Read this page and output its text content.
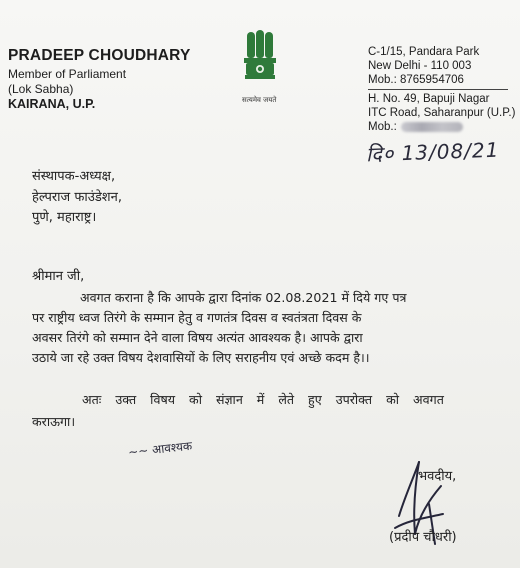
PRADEEP CHOUDHARY
Member of Parliament
(Lok Sabha)
KAIRANA, U.P.	सत्यमेव जयते
C-1/15, Pandara Park
New Delhi - 110 003
Mob.: 8765954706
H. No. 49, Bapuji Nagar
ITC Road, Saharanpur (U.P.)
Mob.:
दि० 13/08/21
संस्थापक-अध्यक्ष,
हेल्पराज फाउंडेशन,
पुणे, महाराष्ट्र।
श्रीमान जी,
अवगत कराना है कि आपके द्वारा दिनांक 02.08.2021 में दिये गए पत्र
पर राष्ट्रीय ध्वज तिरंगे के सम्मान हेतु व गणतंत्र दिवस व स्वतंत्रता दिवस के
अवसर तिरंगे को सम्मान देने वाला विषय अत्यंत आवश्यक है। आपके द्वारा
उठाये जा रहे उक्त विषय देशवासियों के लिए सराहनीय एवं अच्छे कदम है।।
अतः उक्त विषय को संज्ञान में लेते हुए उपरोक्त को अवगत
कराऊगा।
~~ आवश्यक
भवदीय,
(प्रदीप चौधरी)
